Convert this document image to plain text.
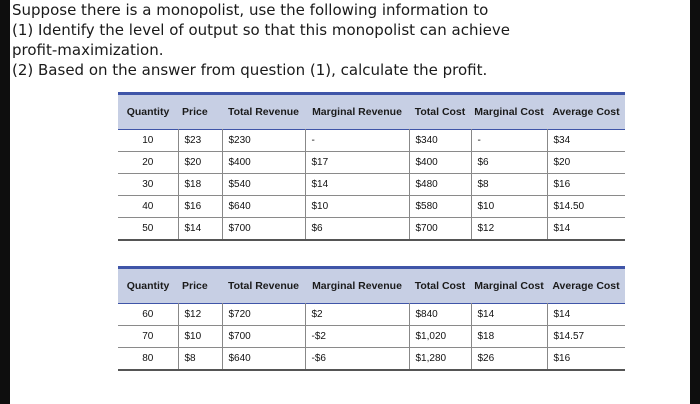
Suppose there is a monopolist, use the following information to
(1) Identify the level of output so that this monopolist can achieve
profit-maximization.
(2) Based on the answer from question (1), calculate the profit.
Quantity	Price	Total Revenue	Marginal Revenue	Total Cost	Marginal Cost	Average Cost
10	$23	$230	-	$340	-	$34
20	$20	$400	$17	$400	$6	$20
30	$18	$540	$14	$480	$8	$16
40	$16	$640	$10	$580	$10	$14.50
50	$14	$700	$6	$700	$12	$14
Quantity	Price	Total Revenue	Marginal Revenue	Total Cost	Marginal Cost	Average Cost
60	$12	$720	$2	$840	$14	$14
70	$10	$700	-$2	$1,020	$18	$14.57
80	$8	$640	-$6	$1,280	$26	$16
